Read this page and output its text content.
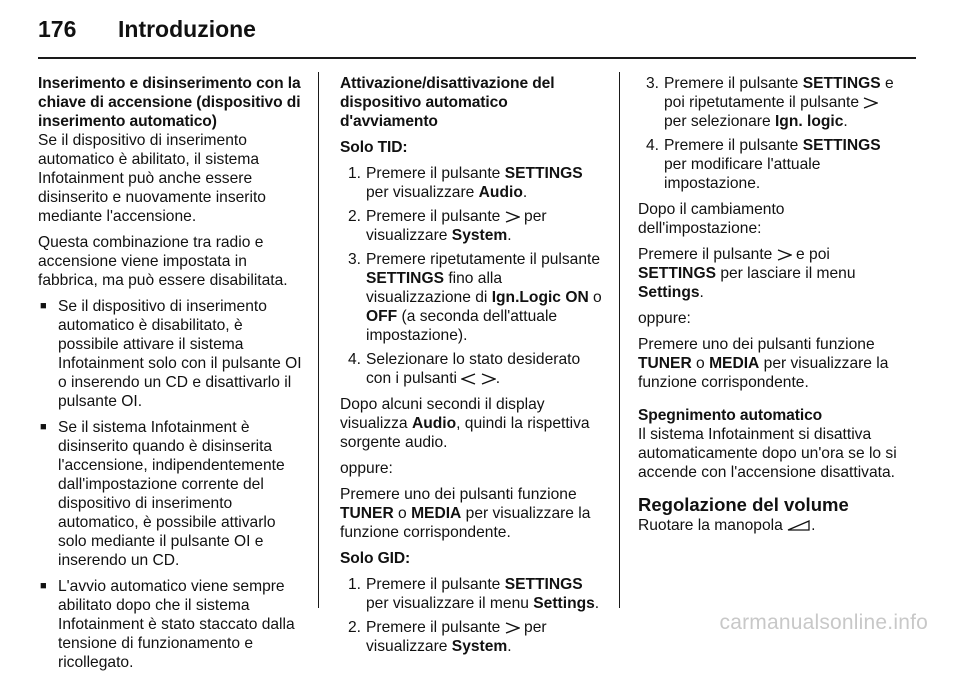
176 Introduzione

Inserimento e disinserimento con la chiave di accensione (dispositivo di inserimento automatico)

Se il dispositivo di inserimento automatico è abilitato, il sistema Infotainment può anche essere disinserito e nuovamente inserito mediante l'accensione.

Questa combinazione tra radio e accensione viene impostata in fabbrica, ma può essere disabilitata.

■ Se il dispositivo di inserimento automatico è disabilitato, è possibile attivare il sistema Infotainment solo con il pulsante OI o inserendo un CD e disattivarlo il pulsante OI.
■ Se il sistema Infotainment è disinserito quando è disinserita l'accensione, indipendentemente dall'impostazione corrente del dispositivo di inserimento automatico, è possibile attivarlo solo mediante il pulsante OI e inserendo un CD.
■ L'avvio automatico viene sempre abilitato dopo che il sistema Infotainment è stato staccato dalla tensione di funzionamento e ricollegato.

Attivazione/disattivazione del dispositivo automatico d'avviamento

Solo TID:

1. Premere il pulsante SETTINGS per visualizzare Audio.
2. Premere il pulsante  per visualizzare System.
3. Premere ripetutamente il pulsante SETTINGS fino alla visualizzazione di Ign.Logic ON o OFF (a seconda dell'attuale impostazione).
4. Selezionare lo stato desiderato con i pulsanti  .

Dopo alcuni secondi il display visualizza Audio, quindi la rispettiva sorgente audio.

oppure:

Premere uno dei pulsanti funzione TUNER o MEDIA per visualizzare la funzione corrispondente.

Solo GID:

1. Premere il pulsante SETTINGS per visualizzare il menu Settings.
2. Premere il pulsante  per visualizzare System.
3. Premere il pulsante SETTINGS e poi ripetutamente il pulsante  per selezionare Ign. logic.
4. Premere il pulsante SETTINGS per modificare l'attuale impostazione.

Dopo il cambiamento dell'impostazione:

Premere il pulsante  e poi SETTINGS per lasciare il menu Settings.

oppure:

Premere uno dei pulsanti funzione TUNER o MEDIA per visualizzare la funzione corrispondente.

Spegnimento automatico

Il sistema Infotainment si disattiva automaticamente dopo un'ora se lo si accende con l'accensione disattivata.

Regolazione del volume

Ruotare la manopola .

carmanualsonline.info
